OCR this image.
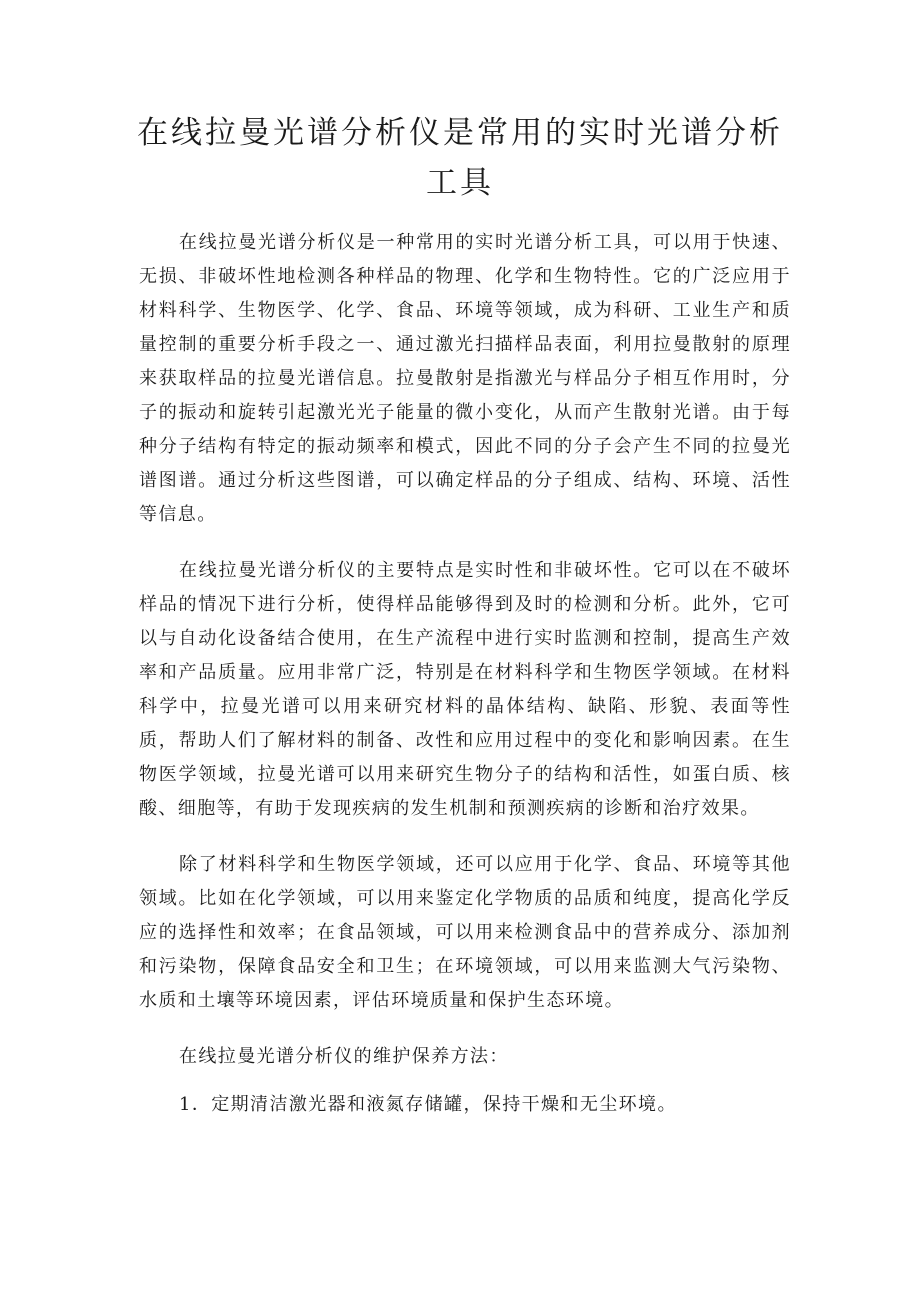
在线拉曼光谱分析仪是常用的实时光谱分析工具

在线拉曼光谱分析仪是一种常用的实时光谱分析工具，可以用于快速、无损、非破坏性地检测各种样品的物理、化学和生物特性。它的广泛应用于材料科学、生物医学、化学、食品、环境等领域，成为科研、工业生产和质量控制的重要分析手段之一、通过激光扫描样品表面，利用拉曼散射的原理来获取样品的拉曼光谱信息。拉曼散射是指激光与样品分子相互作用时，分子的振动和旋转引起激光光子能量的微小变化，从而产生散射光谱。由于每种分子结构有特定的振动频率和模式，因此不同的分子会产生不同的拉曼光谱图谱。通过分析这些图谱，可以确定样品的分子组成、结构、环境、活性等信息。

在线拉曼光谱分析仪的主要特点是实时性和非破坏性。它可以在不破坏样品的情况下进行分析，使得样品能够得到及时的检测和分析。此外，它可以与自动化设备结合使用，在生产流程中进行实时监测和控制，提高生产效率和产品质量。应用非常广泛，特别是在材料科学和生物医学领域。在材料科学中，拉曼光谱可以用来研究材料的晶体结构、缺陷、形貌、表面等性质，帮助人们了解材料的制备、改性和应用过程中的变化和影响因素。在生物医学领域，拉曼光谱可以用来研究生物分子的结构和活性，如蛋白质、核酸、细胞等，有助于发现疾病的发生机制和预测疾病的诊断和治疗效果。

除了材料科学和生物医学领域，还可以应用于化学、食品、环境等其他领域。比如在化学领域，可以用来鉴定化学物质的品质和纯度，提高化学反应的选择性和效率；在食品领域，可以用来检测食品中的营养成分、添加剂和污染物，保障食品安全和卫生；在环境领域，可以用来监测大气污染物、水质和土壤等环境因素，评估环境质量和保护生态环境。

在线拉曼光谱分析仪的维护保养方法：

1．定期清洁激光器和液氮存储罐，保持干燥和无尘环境。
